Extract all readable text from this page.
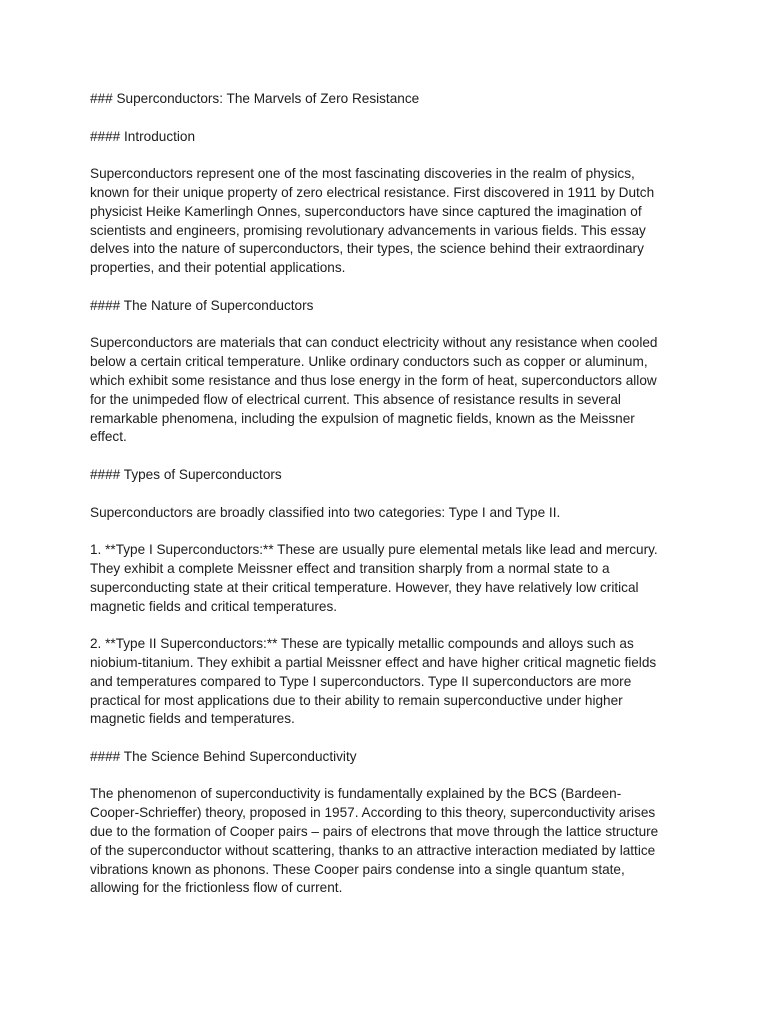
### Superconductors: The Marvels of Zero Resistance
#### Introduction
Superconductors represent one of the most fascinating discoveries in the realm of physics,
known for their unique property of zero electrical resistance. First discovered in 1911 by Dutch
physicist Heike Kamerlingh Onnes, superconductors have since captured the imagination of
scientists and engineers, promising revolutionary advancements in various fields. This essay
delves into the nature of superconductors, their types, the science behind their extraordinary
properties, and their potential applications.
#### The Nature of Superconductors
Superconductors are materials that can conduct electricity without any resistance when cooled
below a certain critical temperature. Unlike ordinary conductors such as copper or aluminum,
which exhibit some resistance and thus lose energy in the form of heat, superconductors allow
for the unimpeded flow of electrical current. This absence of resistance results in several
remarkable phenomena, including the expulsion of magnetic fields, known as the Meissner
effect.
#### Types of Superconductors
Superconductors are broadly classified into two categories: Type I and Type II.
1. **Type I Superconductors:** These are usually pure elemental metals like lead and mercury.
They exhibit a complete Meissner effect and transition sharply from a normal state to a
superconducting state at their critical temperature. However, they have relatively low critical
magnetic fields and critical temperatures.
2. **Type II Superconductors:** These are typically metallic compounds and alloys such as
niobium-titanium. They exhibit a partial Meissner effect and have higher critical magnetic fields
and temperatures compared to Type I superconductors. Type II superconductors are more
practical for most applications due to their ability to remain superconductive under higher
magnetic fields and temperatures.
#### The Science Behind Superconductivity
The phenomenon of superconductivity is fundamentally explained by the BCS (Bardeen-
Cooper-Schrieffer) theory, proposed in 1957. According to this theory, superconductivity arises
due to the formation of Cooper pairs – pairs of electrons that move through the lattice structure
of the superconductor without scattering, thanks to an attractive interaction mediated by lattice
vibrations known as phonons. These Cooper pairs condense into a single quantum state,
allowing for the frictionless flow of current.
